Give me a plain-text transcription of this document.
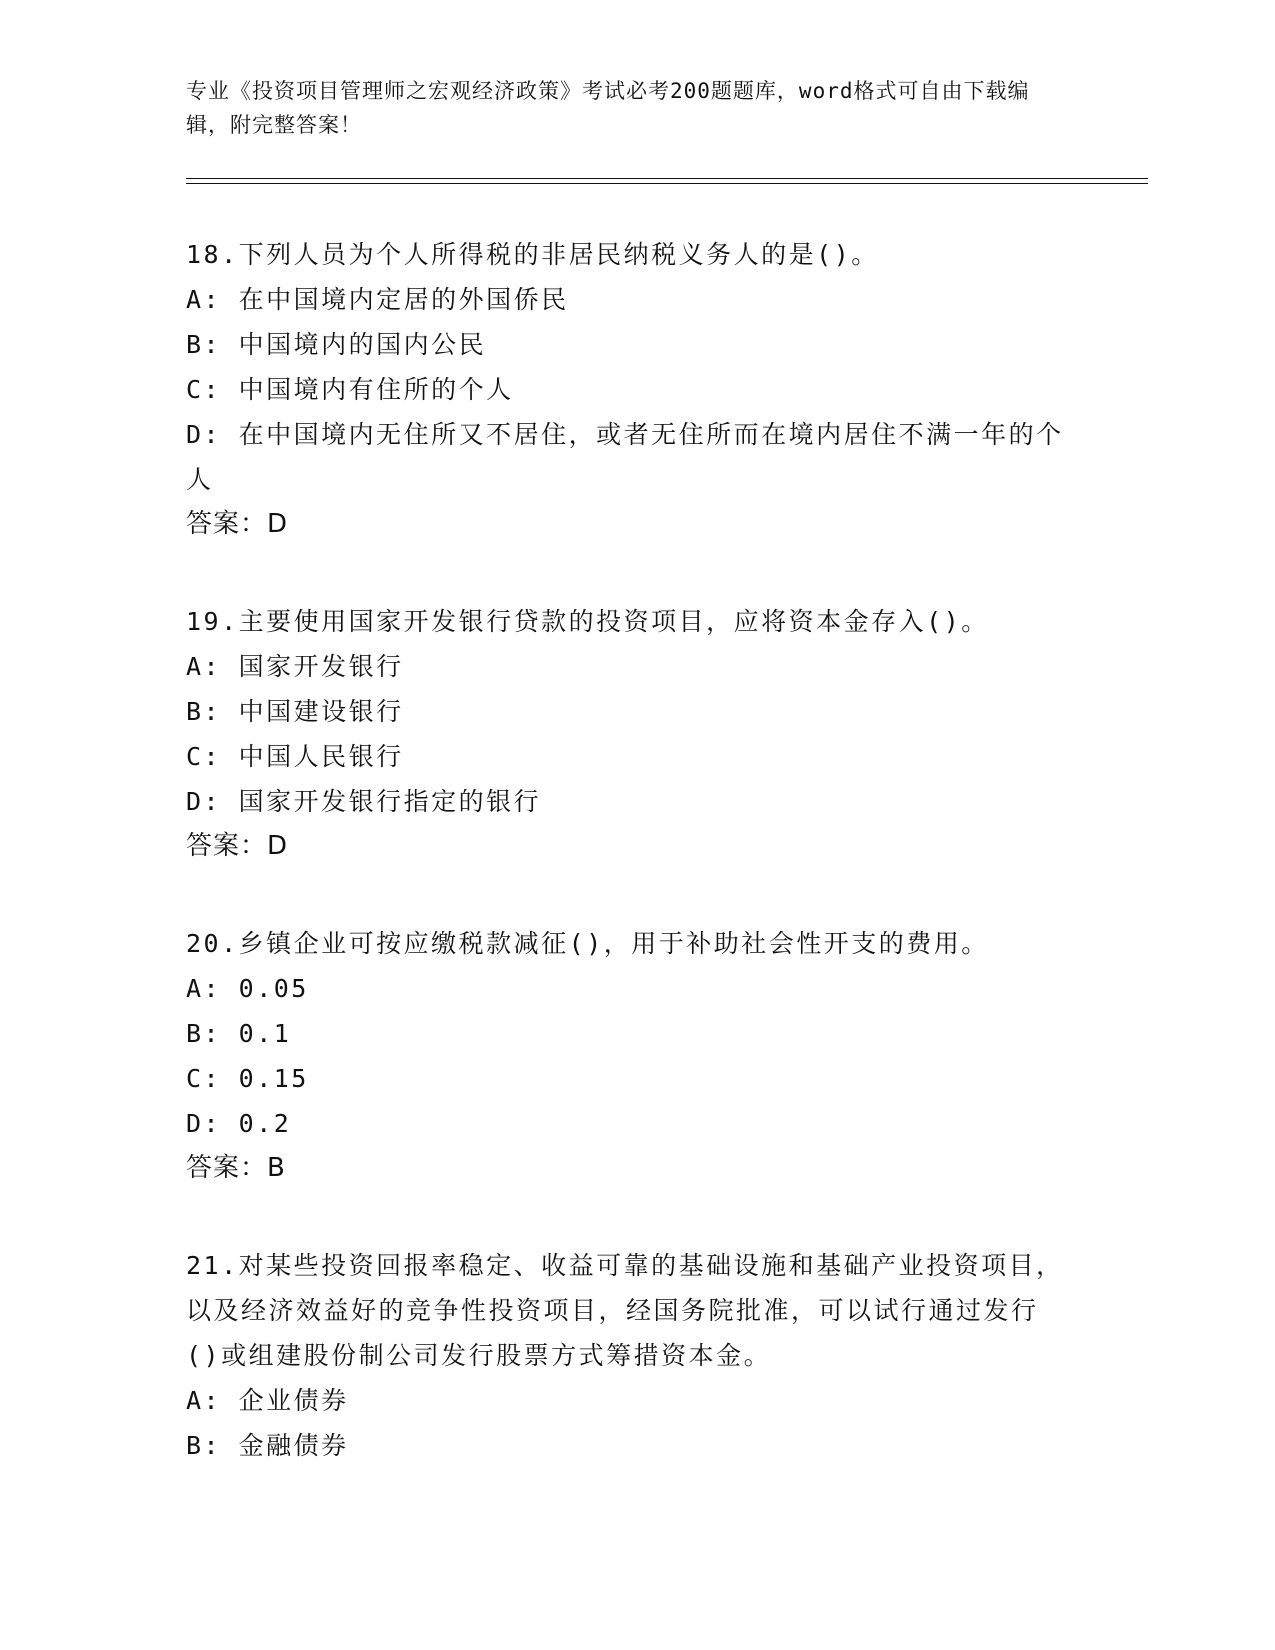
专业《投资项目管理师之宏观经济政策》考试必考200题题库，word格式可自由下载编辑，附完整答案！

18.下列人员为个人所得税的非居民纳税义务人的是()。

A: 在中国境内定居的外国侨民

B: 中国境内的国内公民

C: 中国境内有住所的个人

D: 在中国境内无住所又不居住，或者无住所而在境内居住不满一年的个人

答案：D

19.主要使用国家开发银行贷款的投资项目，应将资本金存入()。

A: 国家开发银行

B: 中国建设银行

C: 中国人民银行

D: 国家开发银行指定的银行

答案：D

20.乡镇企业可按应缴税款减征()，用于补助社会性开支的费用。

A: 0.05

B: 0.1

C: 0.15

D: 0.2

答案：B

21.对某些投资回报率稳定、收益可靠的基础设施和基础产业投资项目，以及经济效益好的竞争性投资项目，经国务院批准，可以试行通过发行()或组建股份制公司发行股票方式筹措资本金。

A: 企业债券

B: 金融债券
